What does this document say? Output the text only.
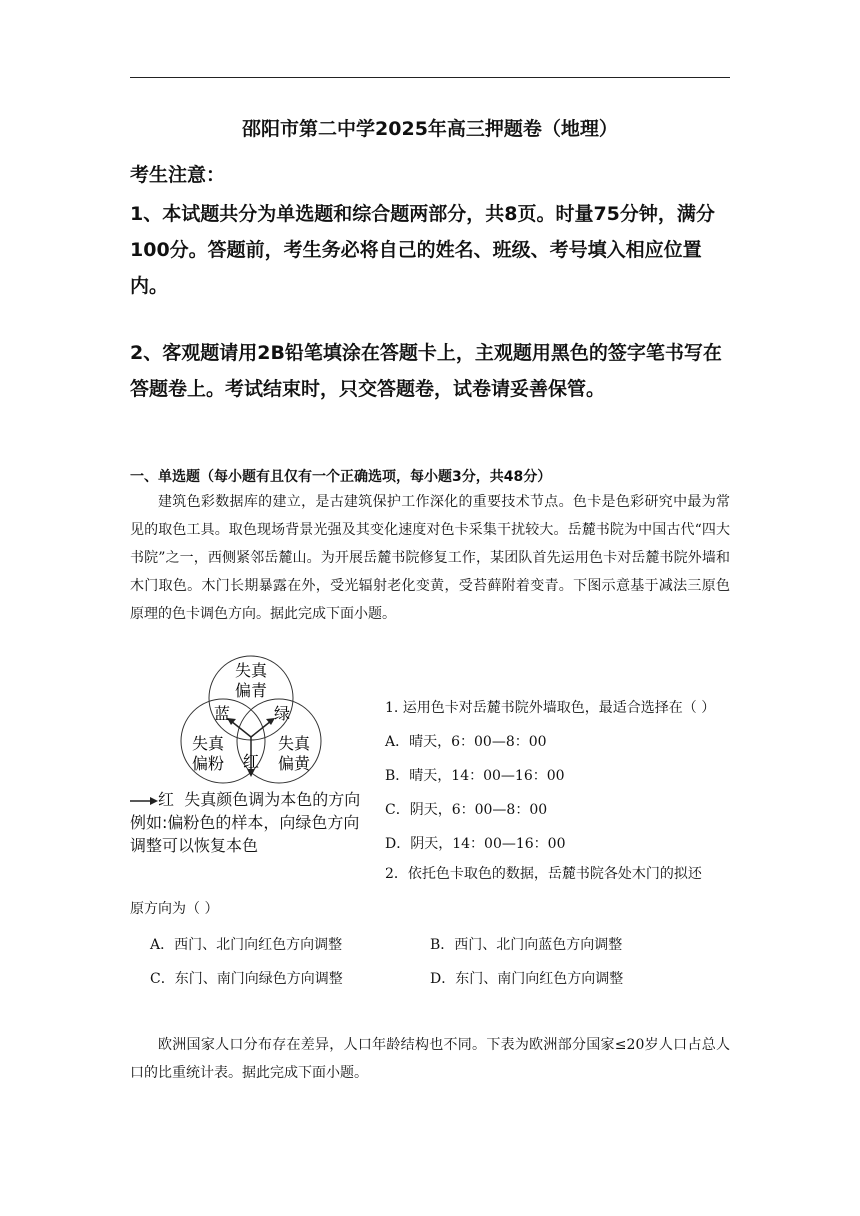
邵阳市第二中学2025年高三押题卷（地理）
考生注意：

1、本试题共分为单选题和综合题两部分，共8页。时量75分钟，满分100分。答题前，考生务必将自己的姓名、班级、考号填入相应位置内。

2、客观题请用2B铅笔填涂在答题卡上，主观题用黑色的签字笔书写在答题卷上。考试结束时，只交答题卷，试卷请妥善保管。

一、单选题（每小题有且仅有一个正确选项，每小题3分，共48分）

建筑色彩数据库的建立，是古建筑保护工作深化的重要技术节点。色卡是色彩研究中最为常见的取色工具。取色现场背景光强及其变化速度对色卡采集干扰较大。岳麓书院为中国古代“四大书院”之一，西侧紧邻岳麓山。为开展岳麓书院修复工作，某团队首先运用色卡对岳麓书院外墙和木门取色。木门长期暴露在外，受光辐射老化变黄，受苔藓附着变青。下图示意基于减法三原色原理的色卡调色方向。据此完成下面小题。

失真
偏青
失真
偏粉
失真
偏黄
蓝	绿
红
红 失真颜色调为本色的方向
例如:偏粉色的样本，向绿色方向
调整可以恢复本色
1. 运用色卡对岳麓书院外墙取色，最适合选择在（ ）
A．晴天，6：00—8：00
B．晴天，14：00—16：00
C．阴天，6：00—8：00
D．阴天，14：00—16：00
2．依托色卡取色的数据，岳麓书院各处木门的拟还
原方向为（ ）
A．西门、北门向红色方向调整	B．西门、北门向蓝色方向调整
C．东门、南门向绿色方向调整	D．东门、南门向红色方向调整

欧洲国家人口分布存在差异，人口年龄结构也不同。下表为欧洲部分国家≤20岁人口占总人口的比重统计表。据此完成下面小题。
